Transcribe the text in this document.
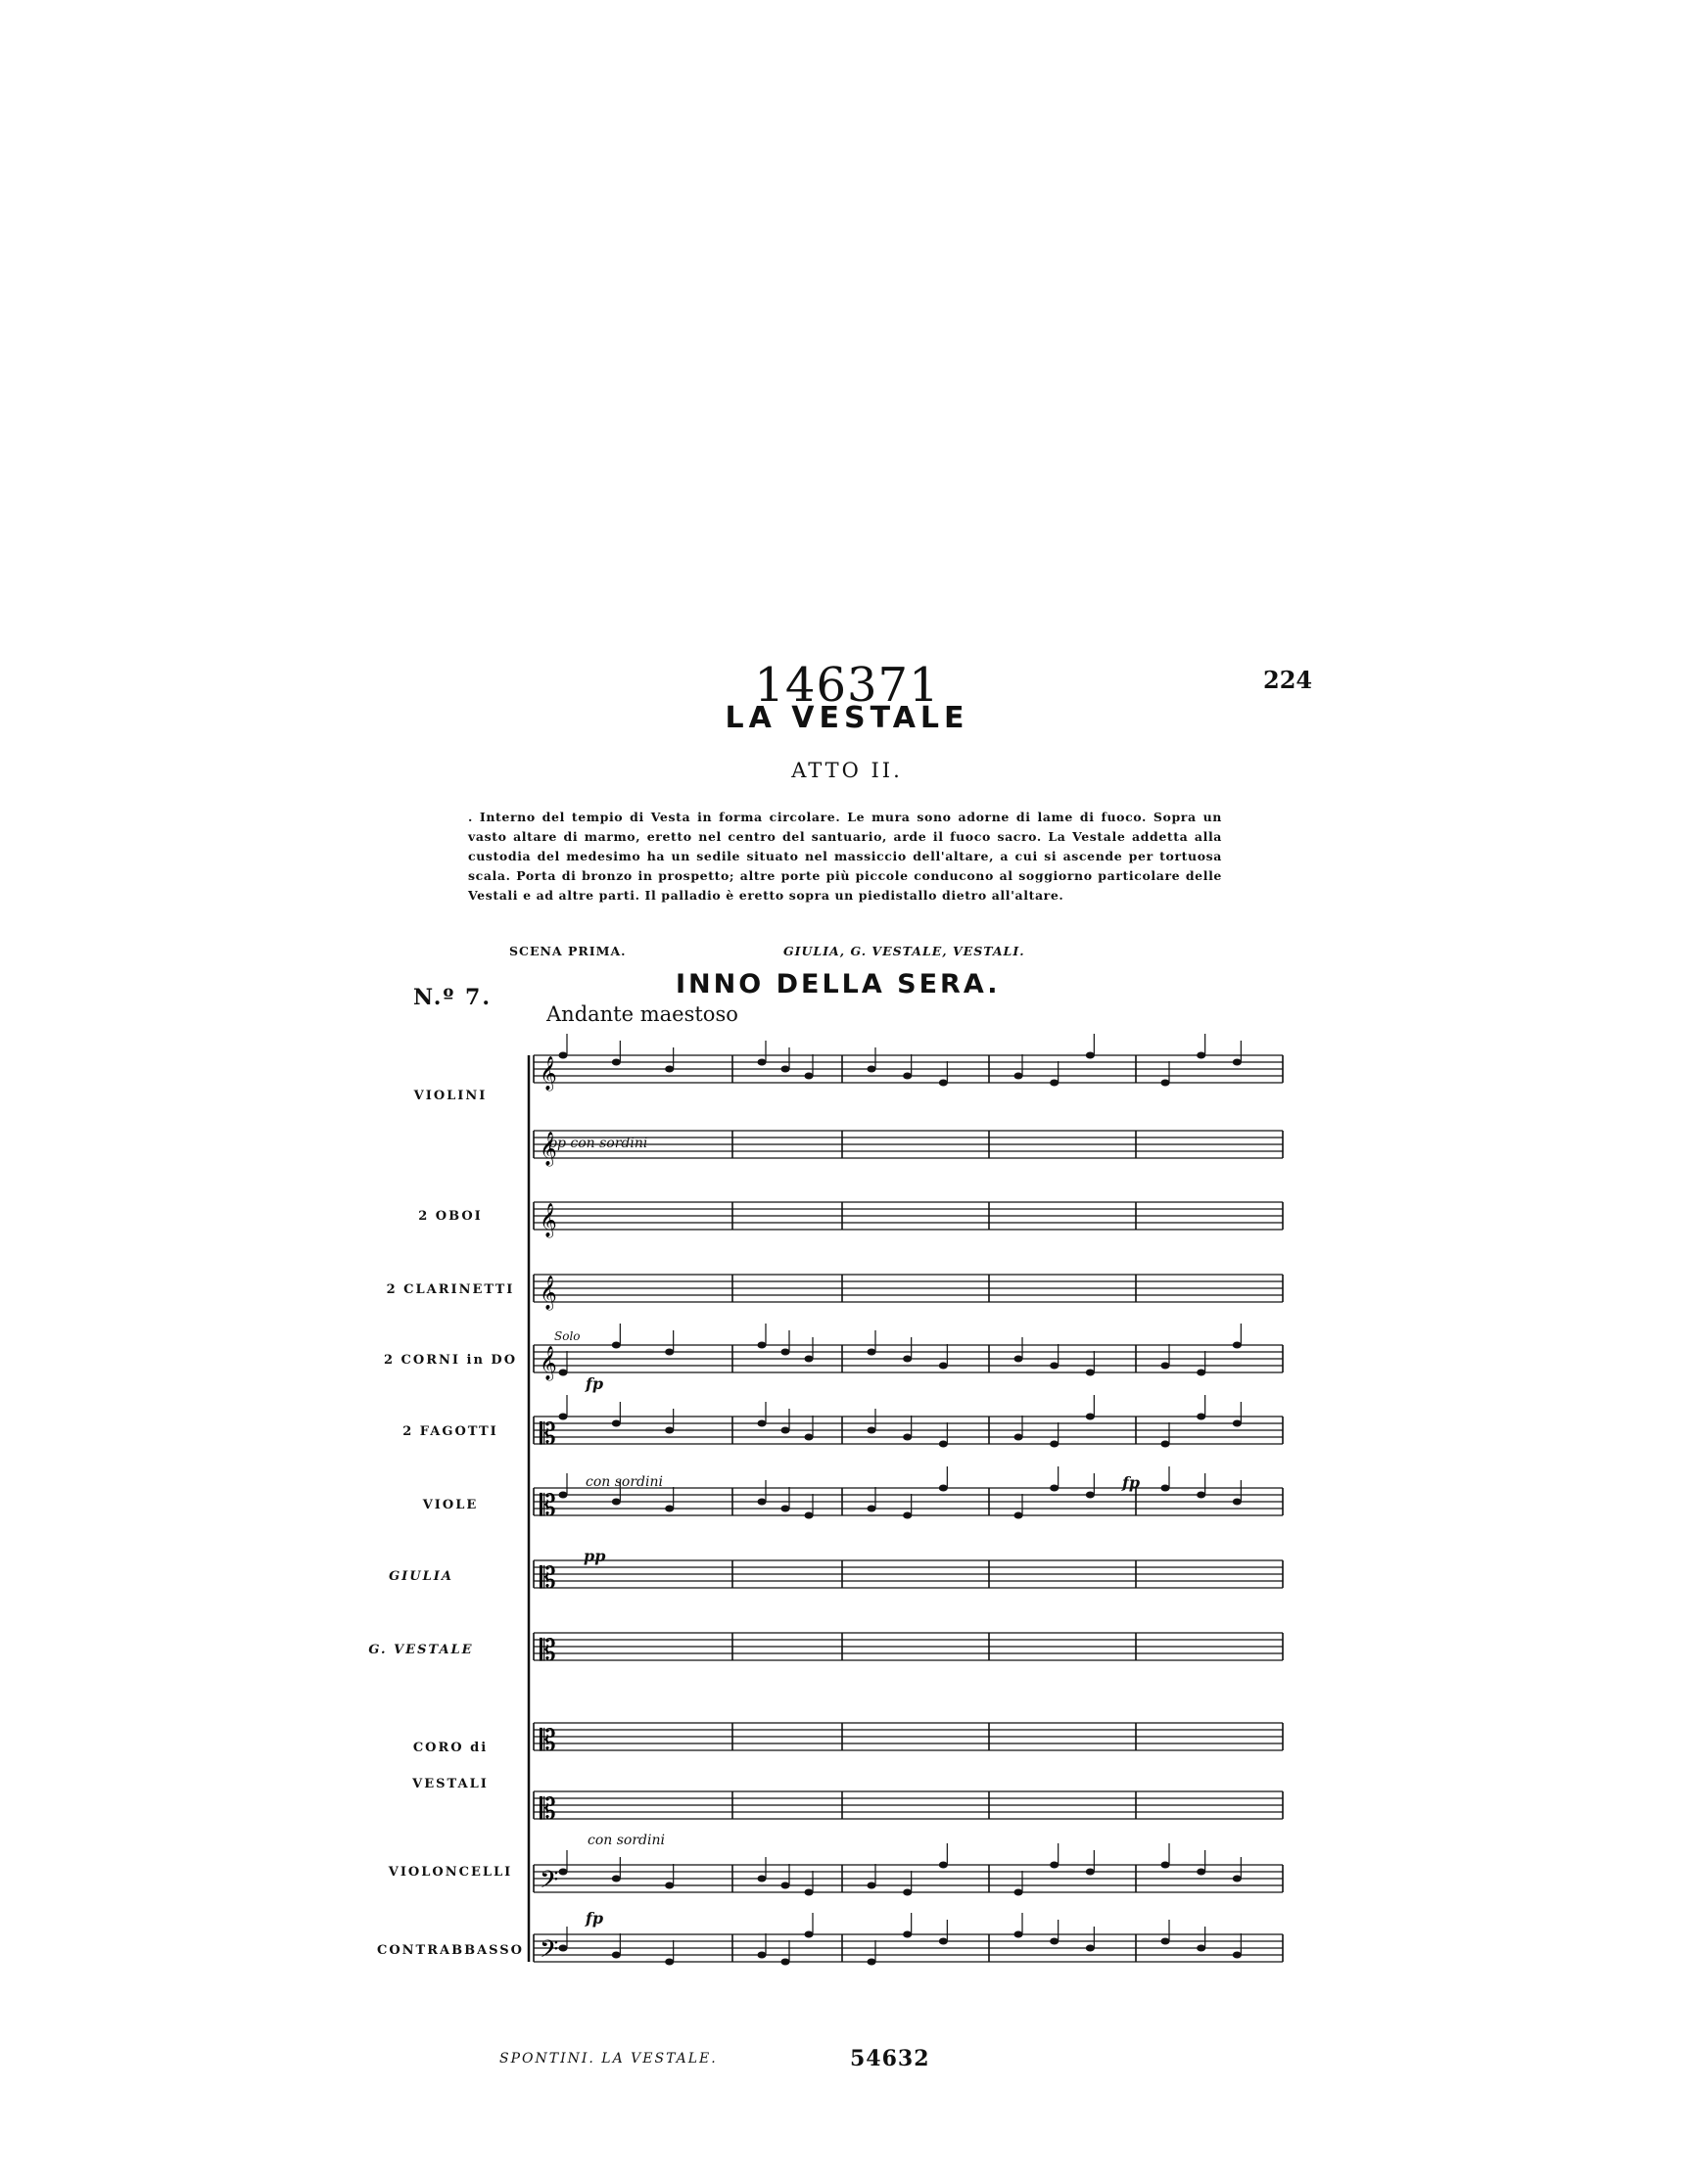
146371	224
LA VESTALE
ATTO II.
. Interno del tempio di Vesta in forma circolare. Le mura sono adorne di lame di fuoco. Sopra un vasto altare di marmo, eretto nel centro del santuario, arde il fuoco sacro. La Vestale addetta alla custodia del medesimo ha un sedile situato nel massiccio dell'altare, a cui si ascende per tortuosa scala. Porta di bronzo in prospetto; altre porte più piccole conducono al soggiorno particolare delle Vestali e ad altre parti. Il palladio è eretto sopra un piedistallo dietro all'altare.
SCENA PRIMA.	GIULIA, G. VESTALE, VESTALI.
N.º 7.	INNO DELLA SERA.
Andante maestoso
VIOLINI
2 OBOI
2 CLARINETTI
2 CORNI in DO
2 FAGOTTI
VIOLE
GIULIA
G. VESTALE
CORO di
VESTALI
VIOLONCELLI
CONTRABBASSO
pp con sordini
Solo
fp
con sordini	fp
pp
con sordini
fp
𝄞
𝄞
𝄞
𝄞
𝄞
𝄡
𝄡
𝄡
𝄡
𝄡
𝄡
𝄢
𝄢
SPONTINI. LA VESTALE.	54632
